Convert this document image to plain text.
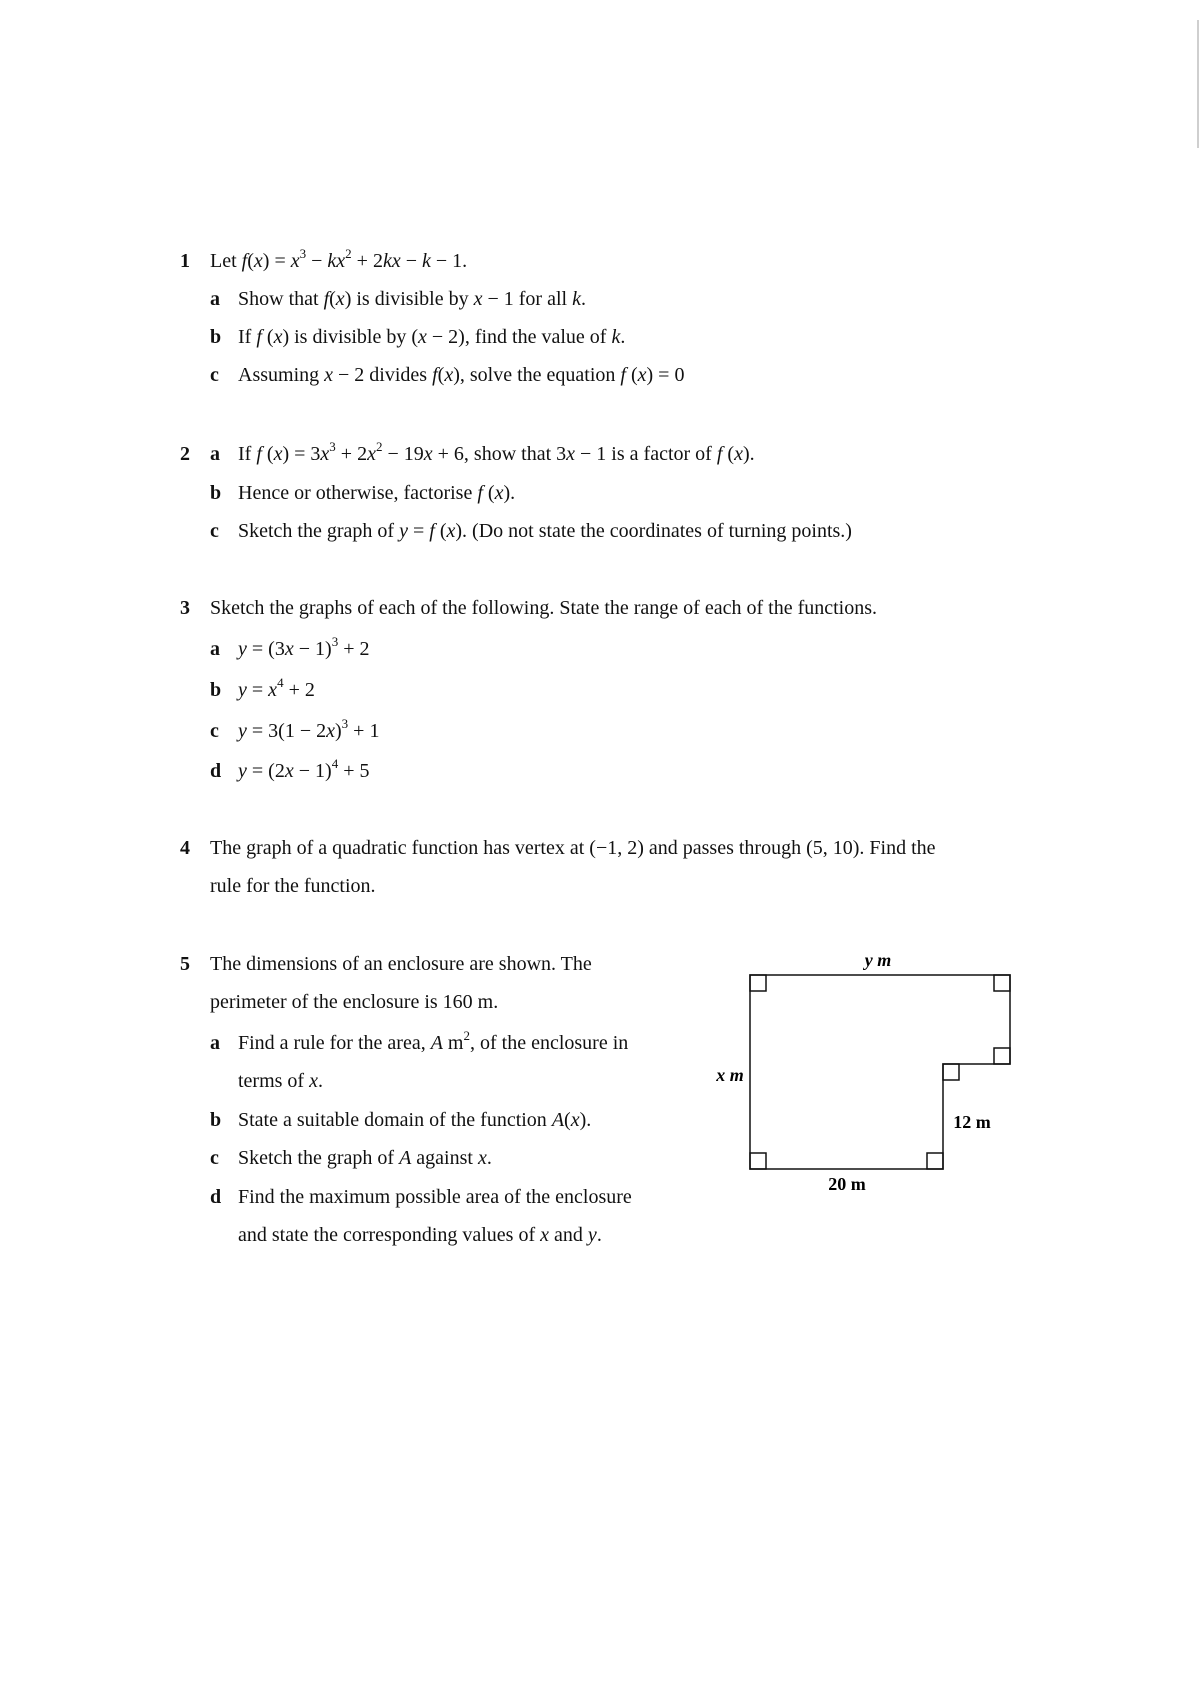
1 Let $f(x) = x^3 - kx^2 + 2kx - k - 1$.
a Show that f(x) is divisible by x − 1 for all k.
b If f (x) is divisible by (x − 2), find the value of k.
c Assuming x − 2 divides f(x), solve the equation f (x) = 0
2 a If f $(x) = 3x^3 + 2x^2 - 19x + 6$, show that 3x − 1 is a factor of f (x).
b Hence or otherwise, factorise f (x).
c Sketch the graph of y = f (x). (Do not state the coordinates of turning points.)
3 Sketch the graphs of each of the following. State the range of each of the functions.
a $y = (3x - 1)^3 + 2$
b $y = x^4 + 2$
c $y = 3(1 - 2x)^3 + 1$
d $y = (2x - 1)^4 + 5$
4 The graph of a quadratic function has vertex at (−1, 2) and passes through (5, 10). Find the
rule for the function.
5 The dimensions of an enclosure are shown. The
perimeter of the enclosure is 160 m.
a Find a rule for the area, A $m^2$, of the enclosure in
terms of x.
b State a suitable domain of the function A(x).
c Sketch the graph of A against x.
d Find the maximum possible area of the enclosure
and state the corresponding values of x and y.
y m
x m
12 m
20 m
